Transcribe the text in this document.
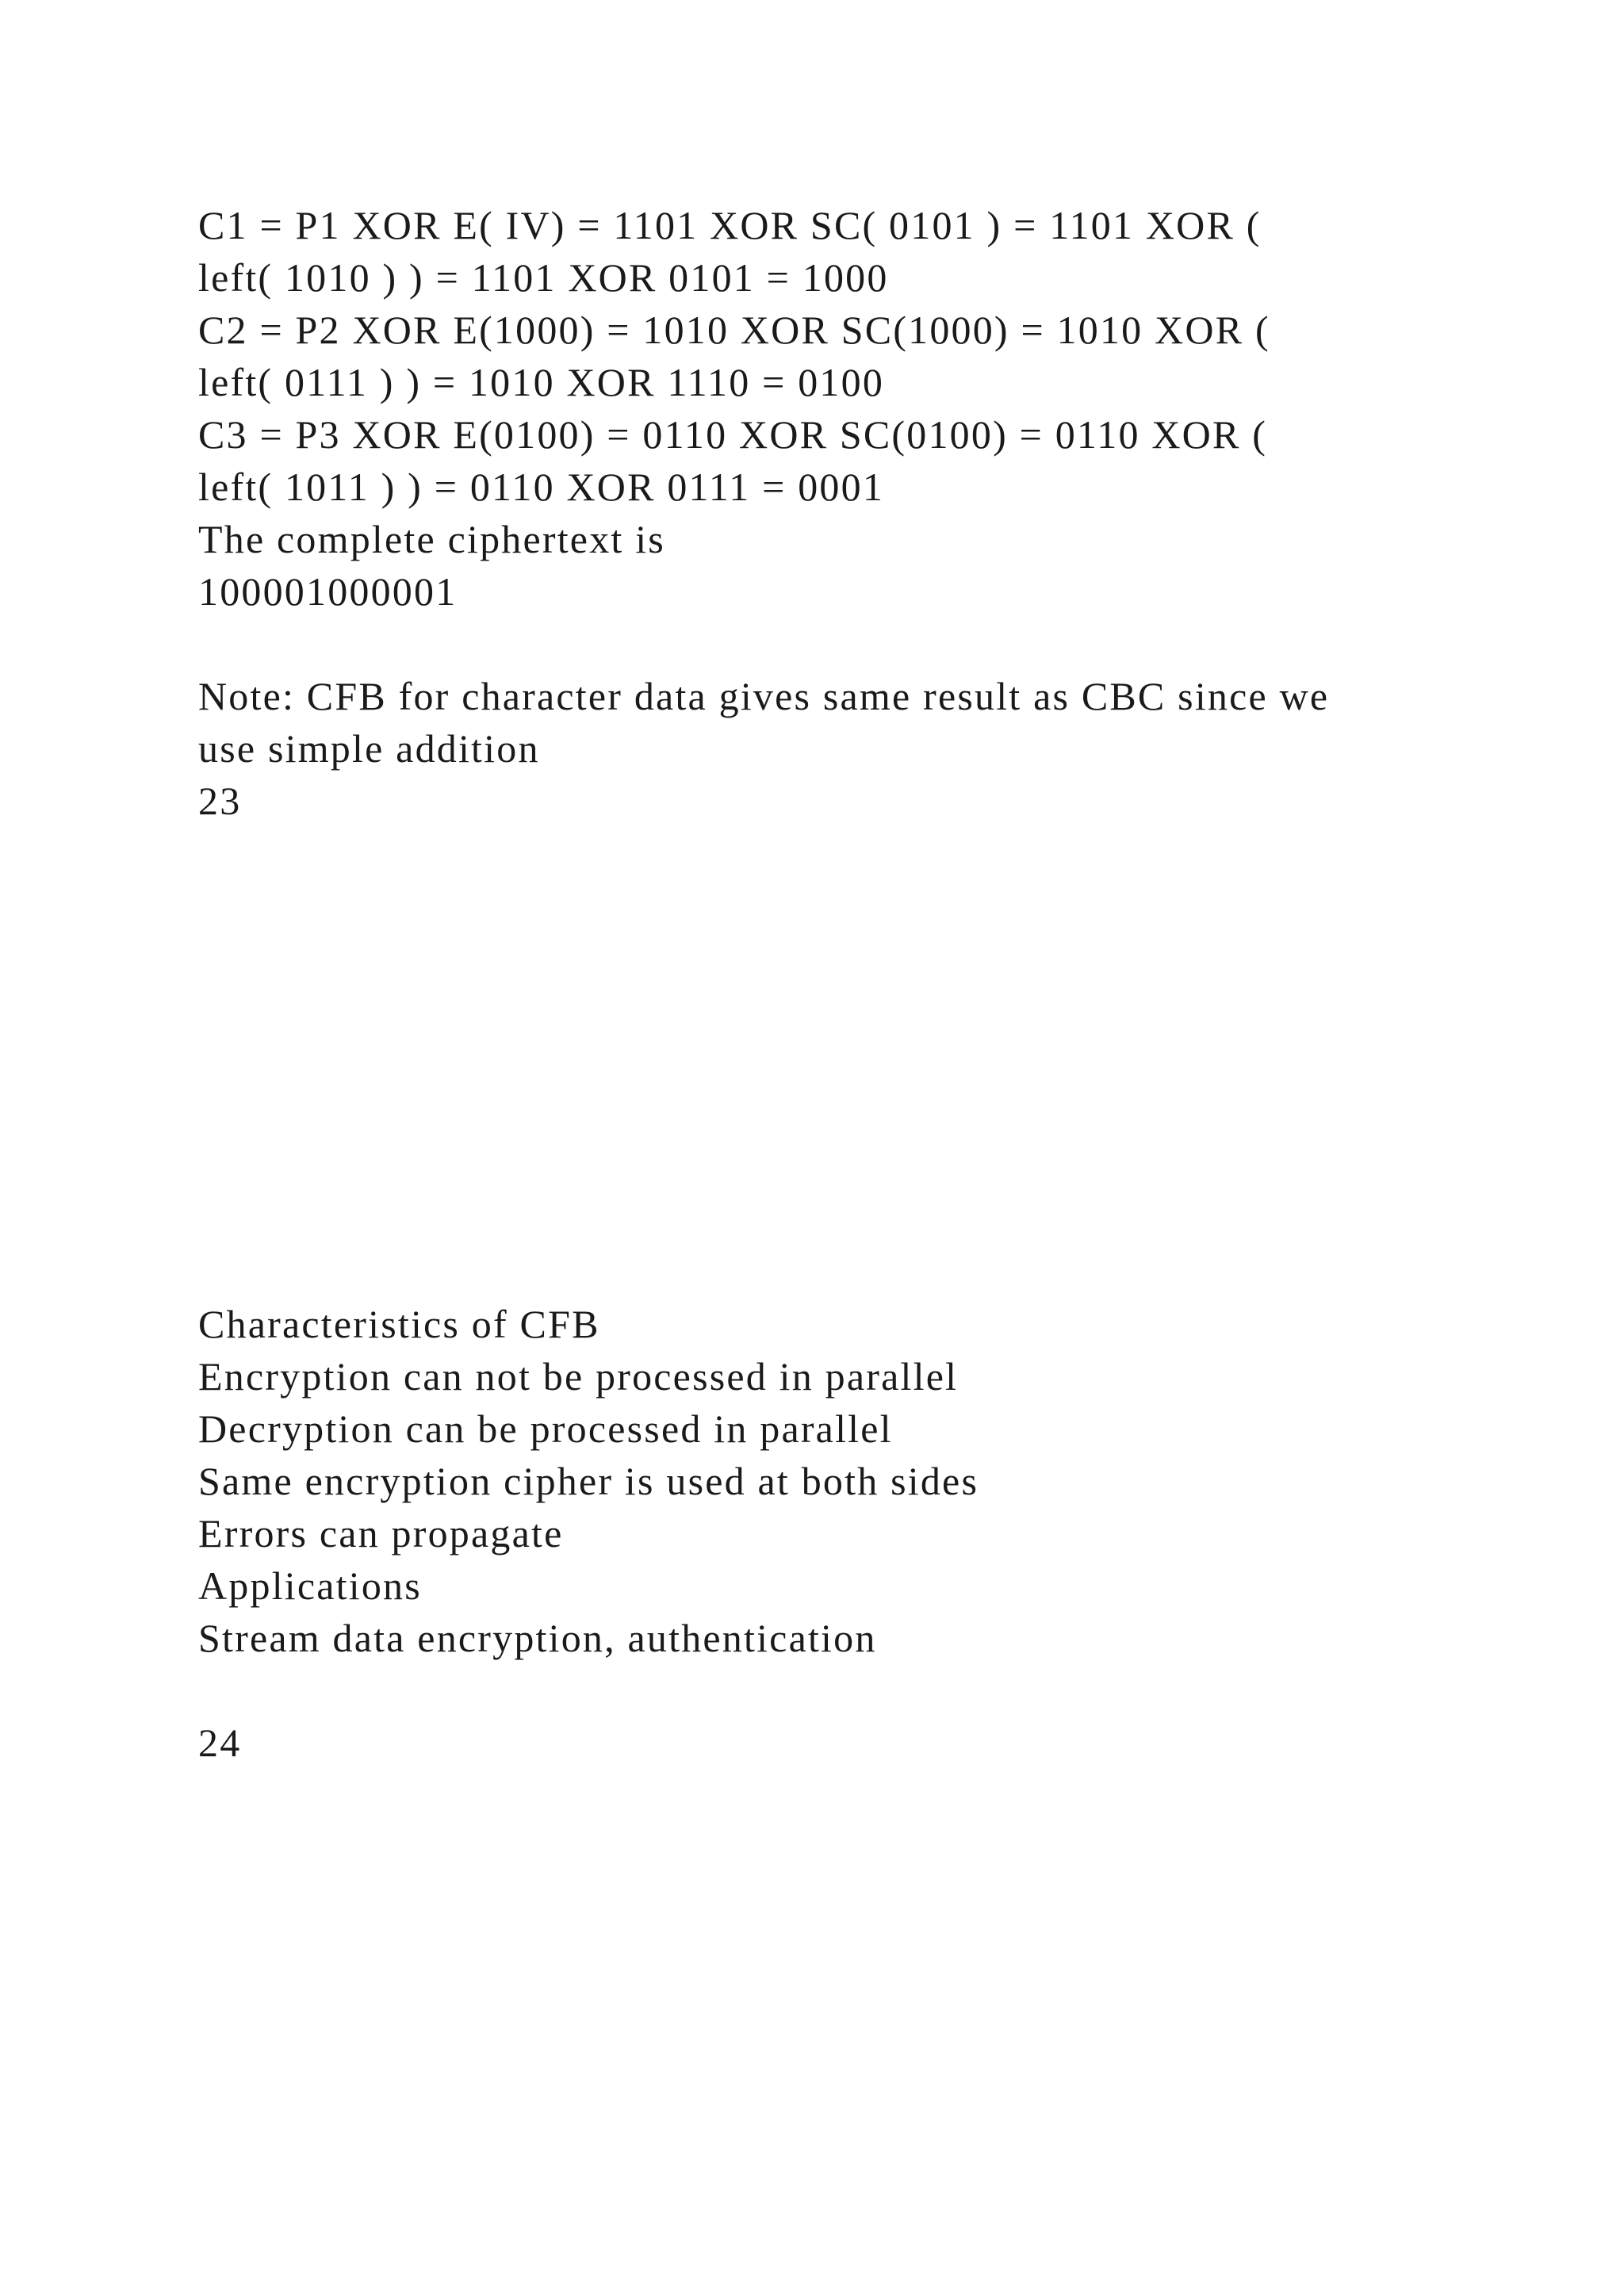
C1 = P1 XOR E( IV) = 1101 XOR SC( 0101 ) = 1101 XOR (

left( 1010 ) ) = 1101 XOR 0101 = 1000

C2 = P2 XOR E(1000) = 1010 XOR SC(1000) = 1010 XOR (

left( 0111 ) ) = 1010 XOR 1110 = 0100

C3 = P3 XOR E(0100) = 0110 XOR SC(0100) = 0110 XOR (

left( 1011 ) ) = 0110 XOR 0111 = 0001

The complete ciphertext is

100001000001

Note: CFB for character data gives same result as CBC since we

use simple addition

23

Characteristics of CFB

Encryption can not be processed in parallel

Decryption can be processed in parallel

Same encryption cipher is used at both sides

Errors can propagate

Applications

Stream data encryption, authentication

24
